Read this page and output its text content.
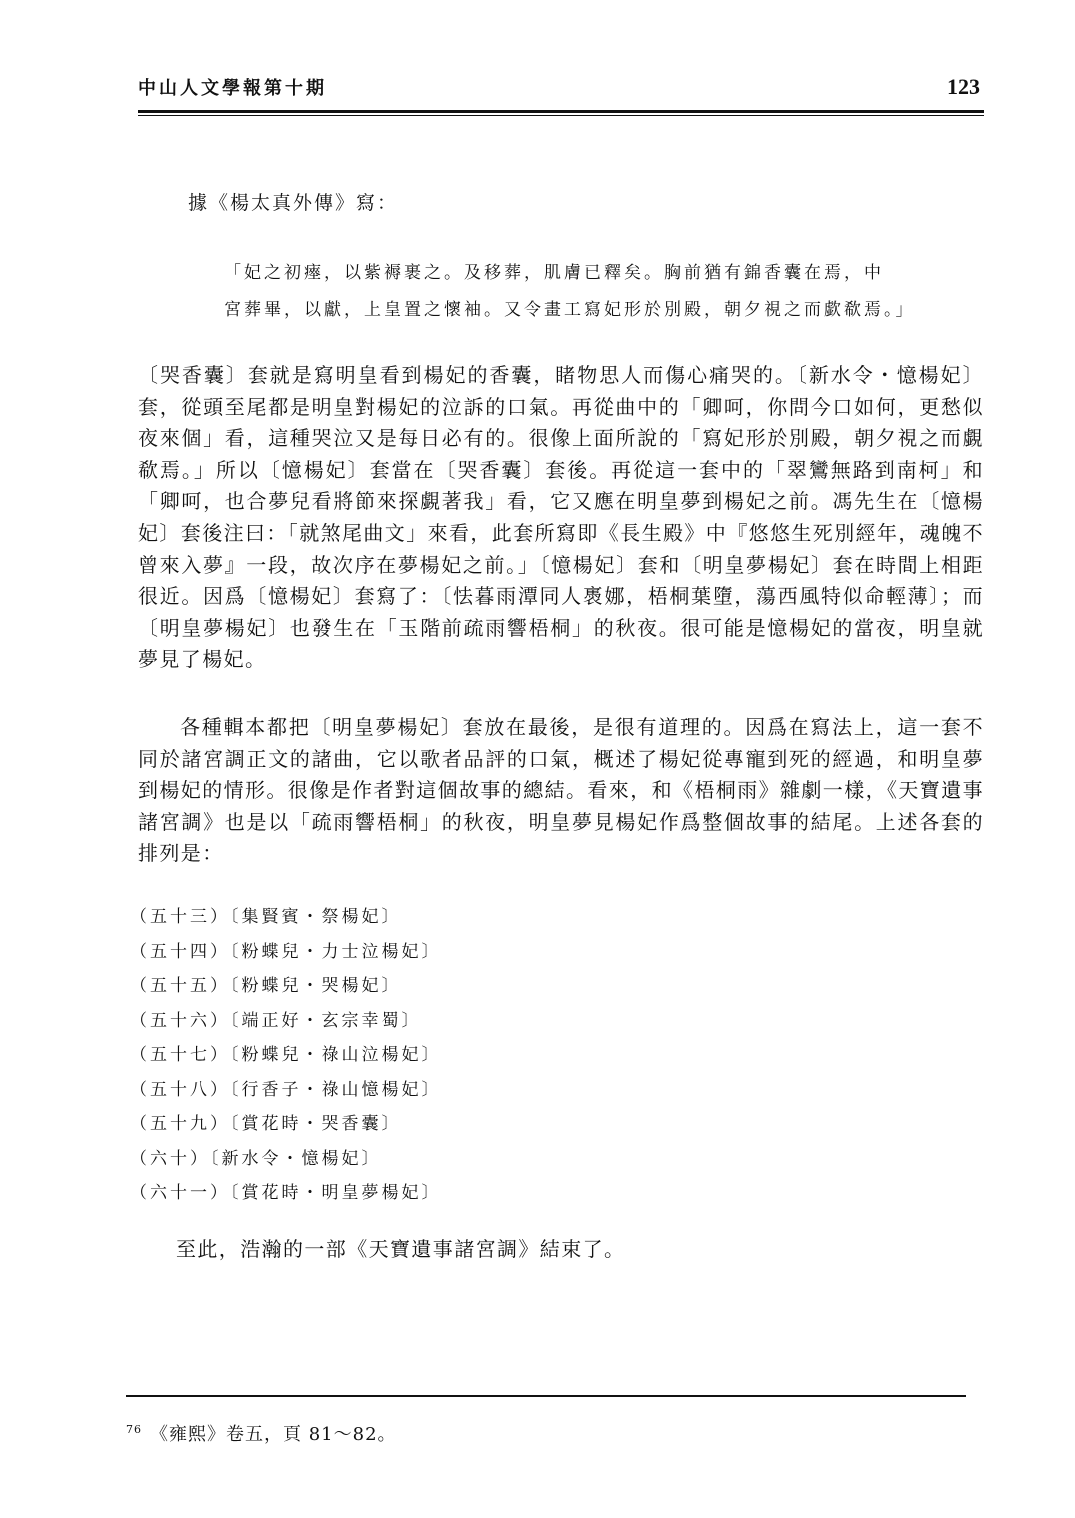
中山人文學報第十期	123
據《楊太真外傳》寫：
「妃之初瘞，以紫褥裹之。及移葬，肌膚已釋矣。胸前猶有錦香囊在焉，中

宮葬畢，以獻，上皇置之懷袖。又令畫工寫妃形於別殿，朝夕視之而歔欷焉。」

〔哭香囊〕套就是寫明皇看到楊妃的香囊，睹物思人而傷心痛哭的。〔新水令・憶楊妃〕套，從頭至尾都是明皇對楊妃的泣訴的口氣。再從曲中的「卿呵，你問今口如何，更愁似夜來個」看，這種哭泣又是每日必有的。很像上面所說的「寫妃形於別殿，朝夕視之而覷欷焉。」所以〔憶楊妃〕套當在〔哭香囊〕套後。再從這一套中的「翠鸞無路到南柯」和「卿呵，也合夢兒看將節來探覷著我」看，它又應在明皇夢到楊妃之前。馮先生在〔憶楊妃〕套後注曰：「就煞尾曲文」來看，此套所寫即《長生殿》中『悠悠生死別經年，魂魄不曾來入夢』一段，故次序在夢楊妃之前。」〔憶楊妃〕套和〔明皇夢楊妃〕套在時間上相距很近。因爲〔憶楊妃〕套寫了：〔怯暮雨潭同人褭娜，梧桐葉墮，蕩西風特似命輕薄〕；而〔明皇夢楊妃〕也發生在「玉階前疏雨響梧桐」的秋夜。很可能是憶楊妃的當夜，明皇就夢見了楊妃。

各種輯本都把〔明皇夢楊妃〕套放在最後，是很有道理的。因爲在寫法上，這一套不同於諸宮調正文的諸曲，它以歌者品評的口氣，概述了楊妃從專寵到死的經過，和明皇夢到楊妃的情形。很像是作者對這個故事的總結。看來，和《梧桐雨》雜劇一樣，《天寶遺事諸宮調》也是以「疏雨響梧桐」的秋夜，明皇夢見楊妃作爲整個故事的結尾。上述各套的排列是：

（五十三）〔集賢賓・祭楊妃〕
（五十四）〔粉蝶兒・力士泣楊妃〕
（五十五）〔粉蝶兒・哭楊妃〕
（五十六）〔端正好・玄宗幸蜀〕
（五十七）〔粉蝶兒・祿山泣楊妃〕
（五十八）〔行香子・祿山憶楊妃〕
（五十九）〔賞花時・哭香囊〕
（六十）〔新水令・憶楊妃〕
（六十一）〔賞花時・明皇夢楊妃〕
至此，浩瀚的一部《天寶遺事諸宮調》結束了。
$^{76}$ 《雍熙》卷五，頁 81～82。
